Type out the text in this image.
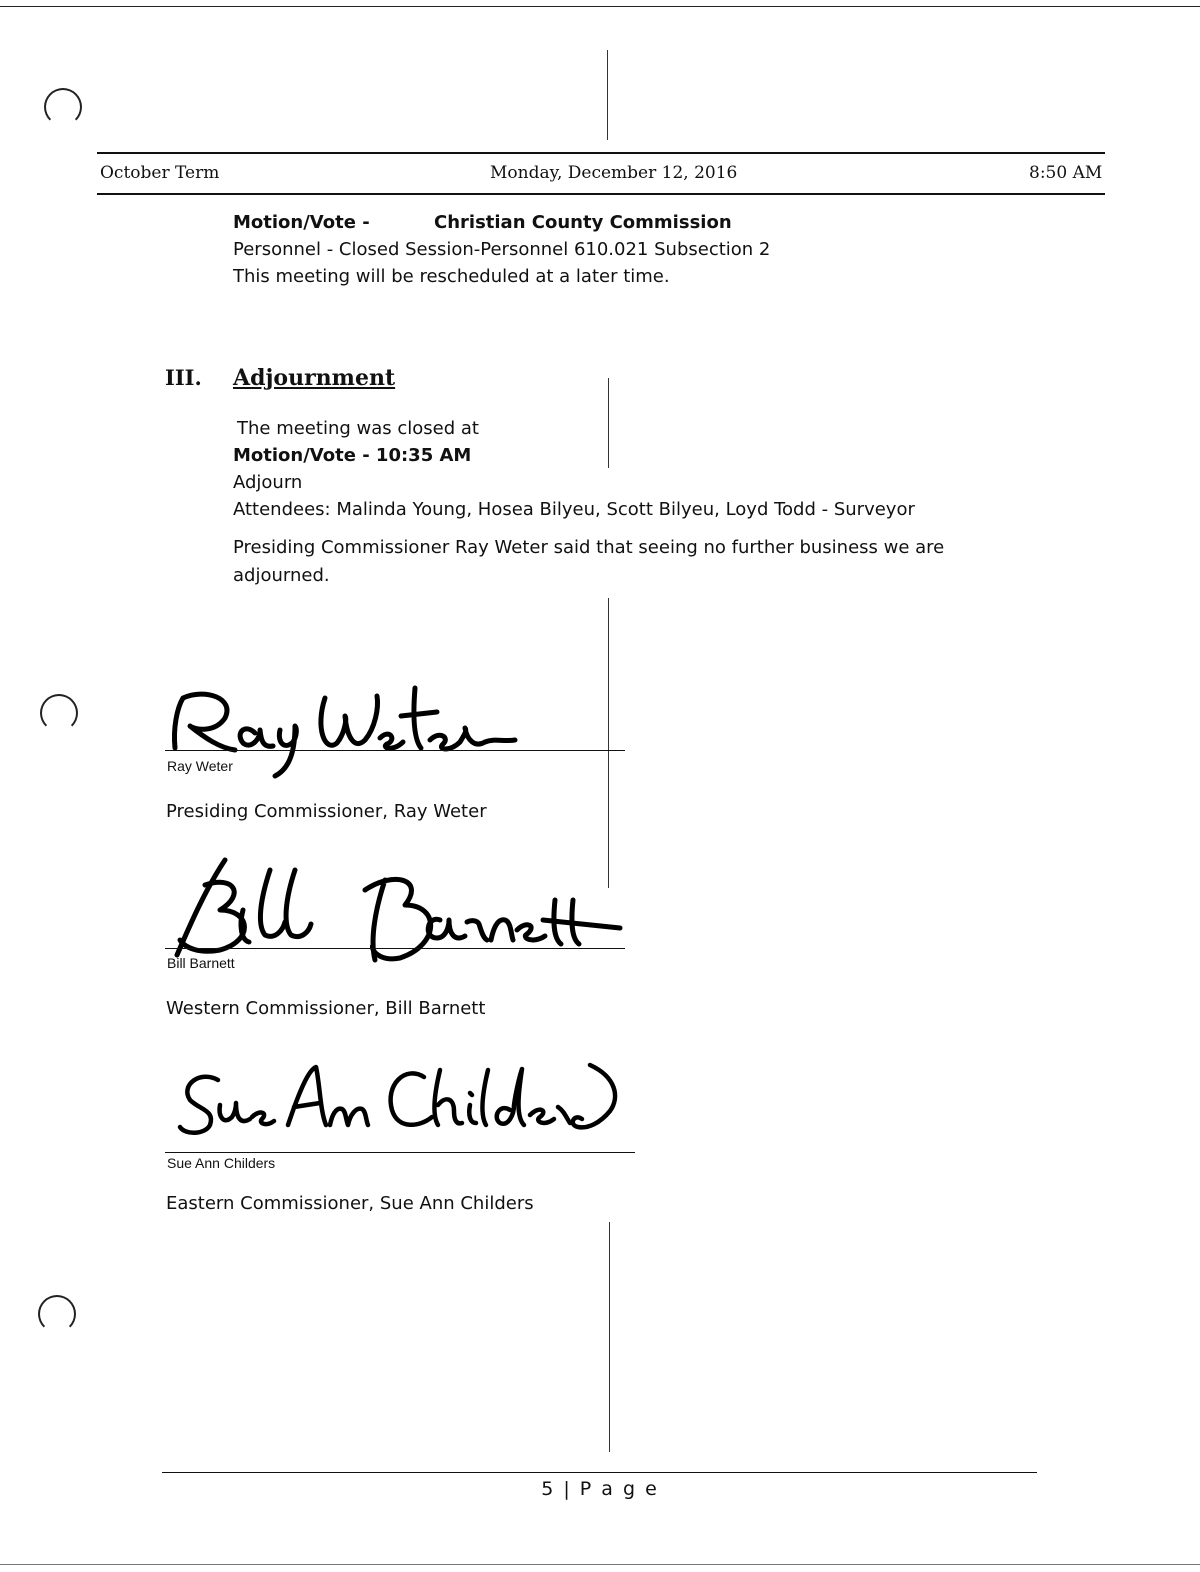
October Term	Monday, December 12, 2016	8:50 AM
Motion/Vote -	Christian County Commission
Personnel - Closed Session-Personnel 610.021 Subsection 2
This meeting will be rescheduled at a later time.
III. Adjournment
The meeting was closed at
Motion/Vote - 10:35 AM
Adjourn
Attendees: Malinda Young, Hosea Bilyeu, Scott Bilyeu, Loyd Todd - Surveyor
Presiding Commissioner Ray Weter said that seeing no further business we are
adjourned.
Ray Weter
Presiding Commissioner, Ray Weter
Bill Barnett
Western Commissioner, Bill Barnett
Sue Ann Childers
Eastern Commissioner, Sue Ann Childers
5 | P a g e
